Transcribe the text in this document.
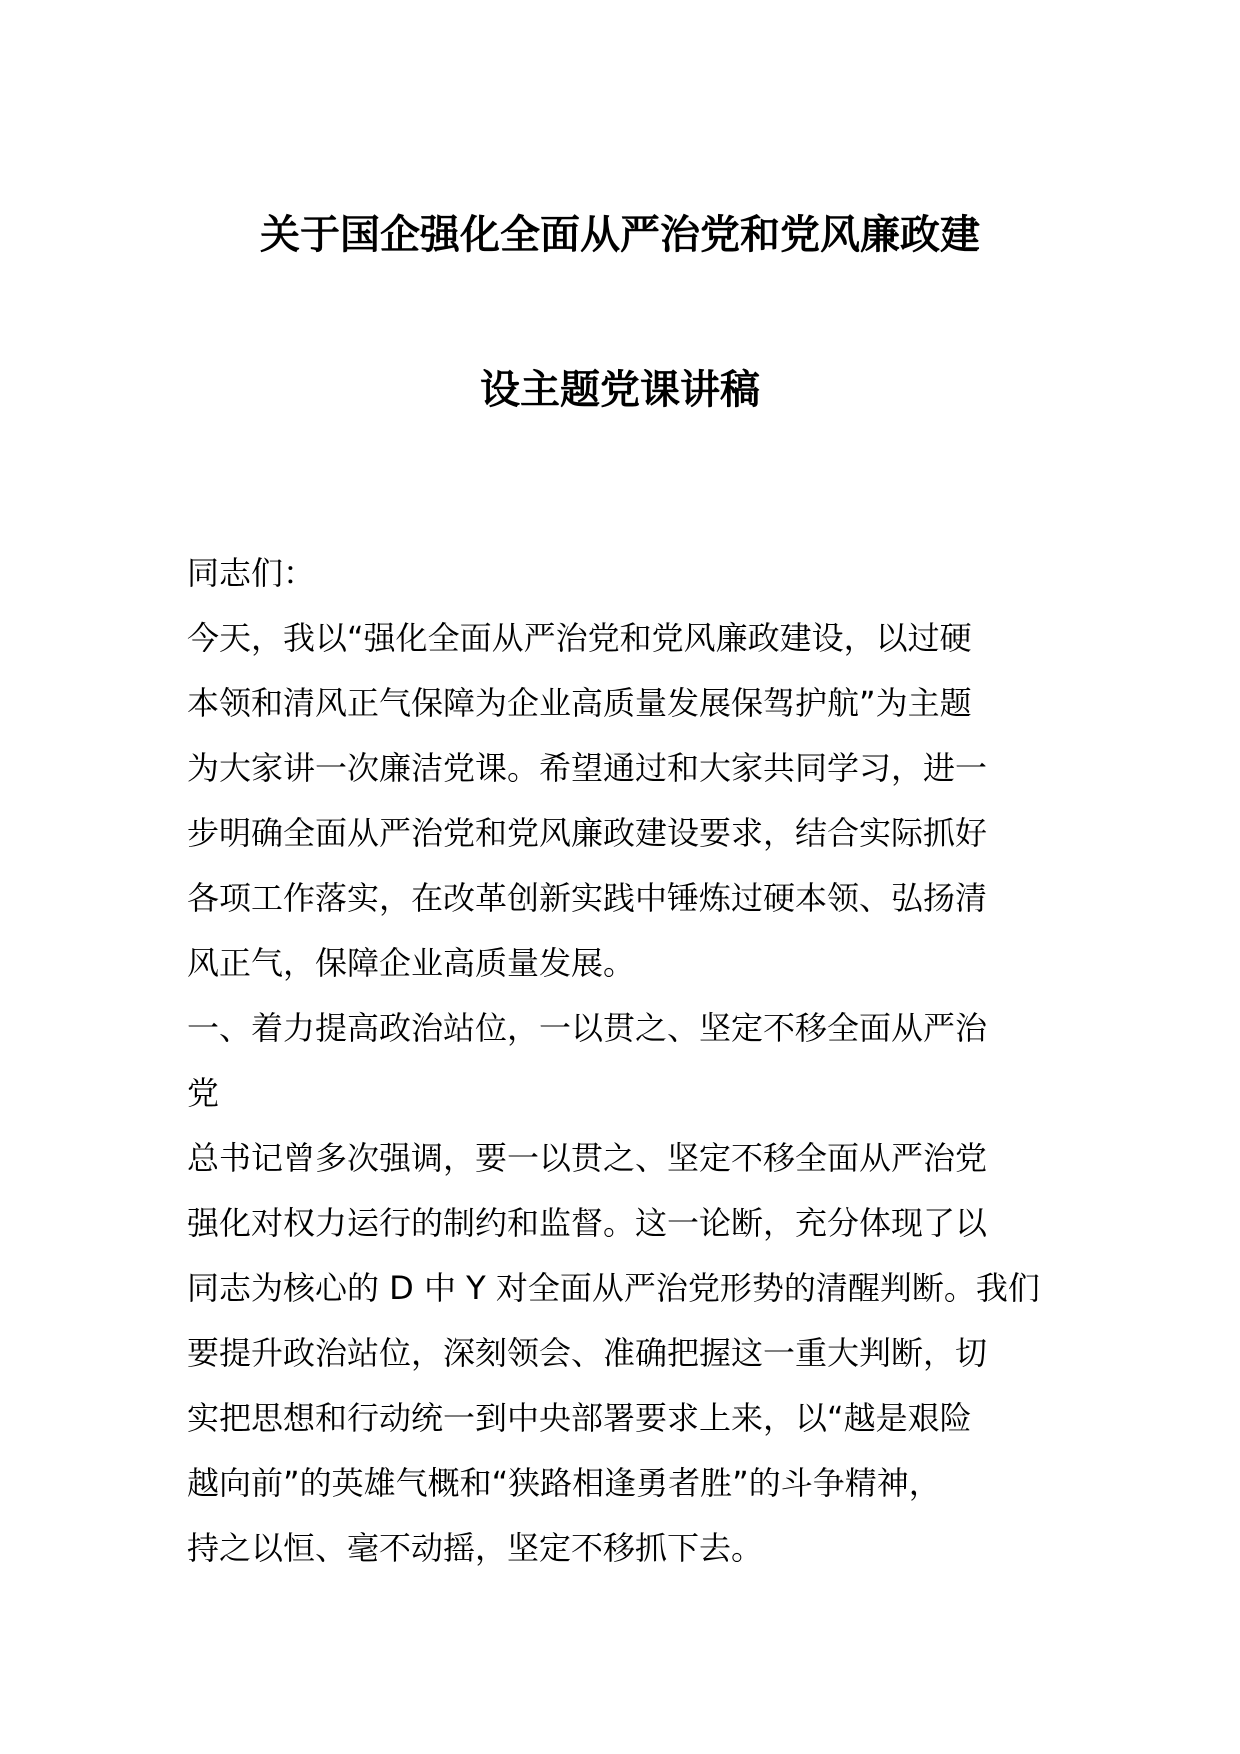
关于国企强化全面从严治党和党风廉政建
设主题党课讲稿
同志们：
今天，我以“强化全面从严治党和党风廉政建设，以过硬
本领和清风正气保障为企业高质量发展保驾护航”为主题
为大家讲一次廉洁党课。希望通过和大家共同学习，进一
步明确全面从严治党和党风廉政建设要求，结合实际抓好
各项工作落实，在改革创新实践中锤炼过硬本领、弘扬清
风正气，保障企业高质量发展。
一、着力提高政治站位，一以贯之、坚定不移全面从严治
党
总书记曾多次强调，要一以贯之、坚定不移全面从严治党
强化对权力运行的制约和监督。这一论断，充分体现了以
同志为核心的 D 中 Y 对全面从严治党形势的清醒判断。我们
要提升政治站位，深刻领会、准确把握这一重大判断，切
实把思想和行动统一到中央部署要求上来，以“越是艰险
越向前”的英雄气概和“狭路相逢勇者胜”的斗争精神，
持之以恒、毫不动摇，坚定不移抓下去。
